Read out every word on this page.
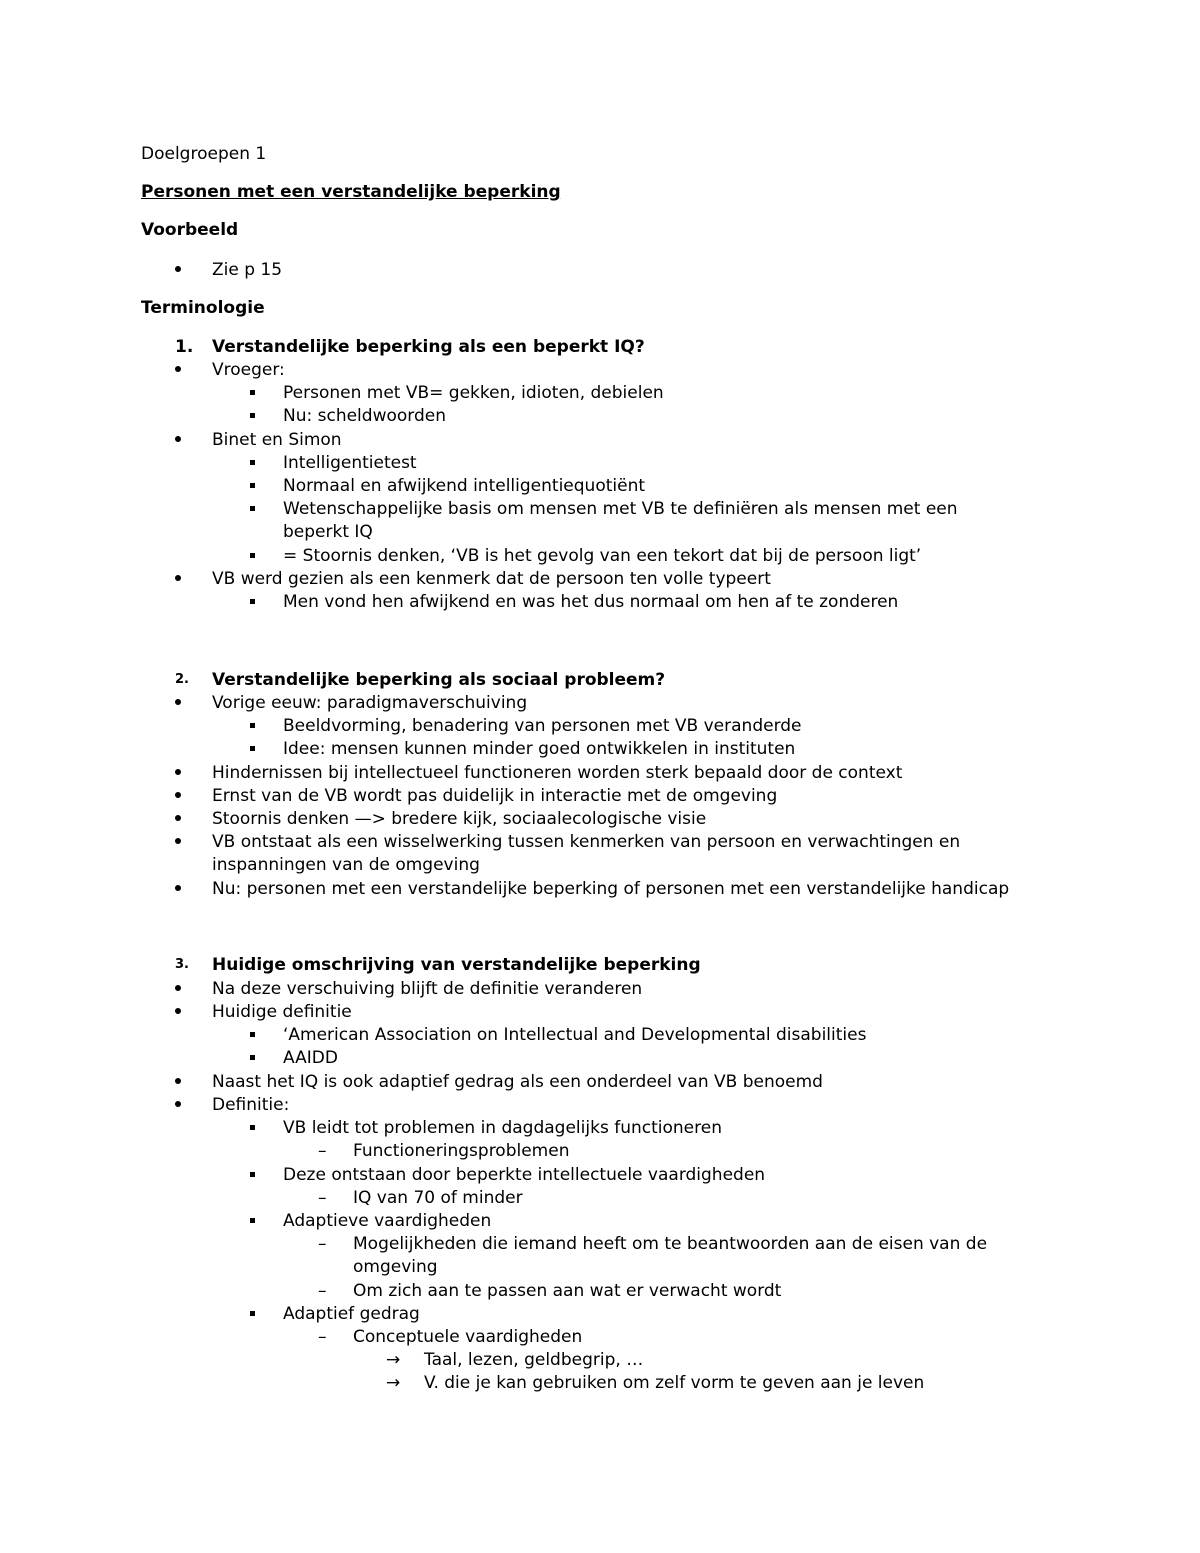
Doelgroepen 1
Personen met een verstandelijke beperking
Voorbeeld
Zie p 15
Terminologie
1. Verstandelijke beperking als een beperkt IQ?
Vroeger:
Personen met VB= gekken, idioten, debielen
Nu: scheldwoorden
Binet en Simon
Intelligentietest
Normaal en afwijkend intelligentiequotiënt
Wetenschappelijke basis om mensen met VB te definiëren als mensen met een
beperkt IQ
= Stoornis denken, ‘VB is het gevolg van een tekort dat bij de persoon ligt’
VB werd gezien als een kenmerk dat de persoon ten volle typeert
Men vond hen afwijkend en was het dus normaal om hen af te zonderen
2. Verstandelijke beperking als sociaal probleem?
Vorige eeuw: paradigmaverschuiving
Beeldvorming, benadering van personen met VB veranderde
Idee: mensen kunnen minder goed ontwikkelen in instituten
Hindernissen bij intellectueel functioneren worden sterk bepaald door de context
Ernst van de VB wordt pas duidelijk in interactie met de omgeving
Stoornis denken —> bredere kijk, sociaalecologische visie
VB ontstaat als een wisselwerking tussen kenmerken van persoon en verwachtingen en
inspanningen van de omgeving
Nu: personen met een verstandelijke beperking of personen met een verstandelijke handicap
3. Huidige omschrijving van verstandelijke beperking
Na deze verschuiving blijft de definitie veranderen
Huidige definitie
‘American Association on Intellectual and Developmental disabilities
AAIDD
Naast het IQ is ook adaptief gedrag als een onderdeel van VB benoemd
Definitie:
VB leidt tot problemen in dagdagelijks functioneren
– Functioneringsproblemen
Deze ontstaan door beperkte intellectuele vaardigheden
– IQ van 70 of minder
Adaptieve vaardigheden
– Mogelijkheden die iemand heeft om te beantwoorden aan de eisen van de
omgeving
– Om zich aan te passen aan wat er verwacht wordt
Adaptief gedrag
– Conceptuele vaardigheden
→ Taal, lezen, geldbegrip, …
→ V. die je kan gebruiken om zelf vorm te geven aan je leven
